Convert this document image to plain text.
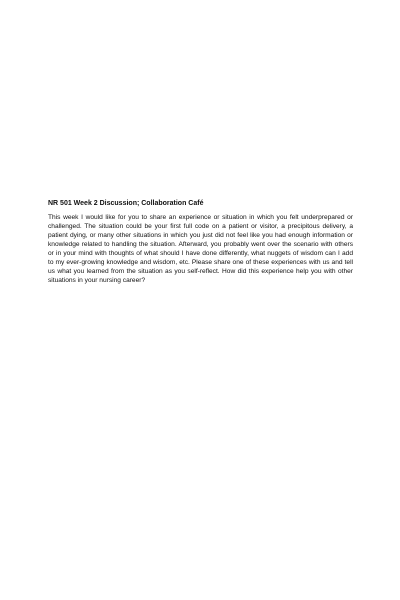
NR 501 Week 2 Discussion; Collaboration Café

This week I would like for you to share an experience or situation in which you felt underprepared or challenged. The situation could be your first full code on a patient or visitor, a precipitous delivery, a patient dying, or many other situations in which you just did not feel like you had enough information or knowledge related to handling the situation. Afterward, you probably went over the scenario with others or in your mind with thoughts of what should I have done differently, what nuggets of wisdom can I add to my ever-growing knowledge and wisdom, etc. Please share one of these experiences with us and tell us what you learned from the situation as you self-reflect. How did this experience help you with other situations in your nursing career?
